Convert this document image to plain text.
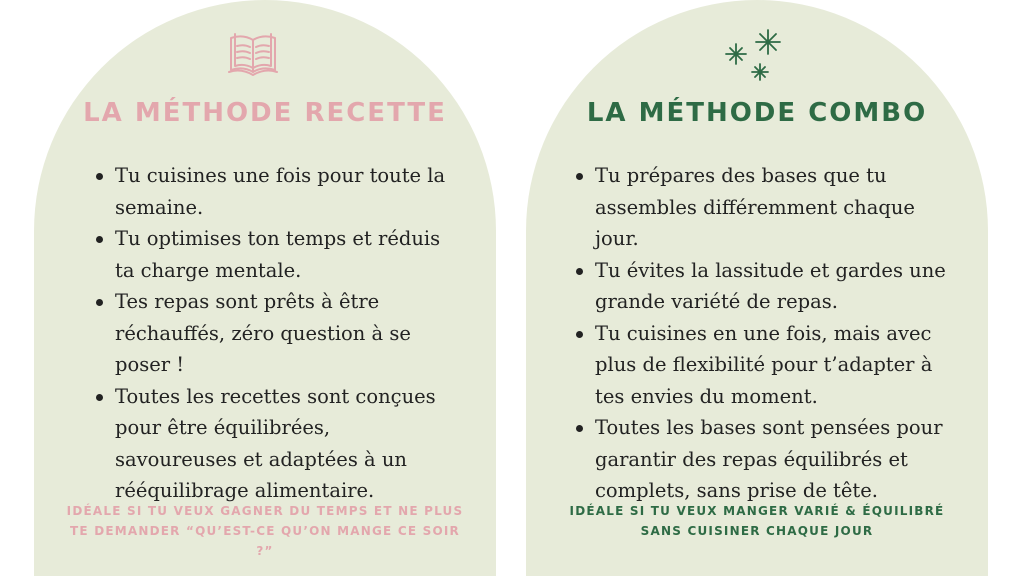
LA MÉTHODE RECETTE
Tu cuisines une fois pour toute la semaine.
Tu optimises ton temps et réduis ta charge mentale.
Tes repas sont prêts à être réchauffés, zéro question à se poser !
Toutes les recettes sont conçues pour être équilibrées, savoureuses et adaptées à un rééquilibrage alimentaire.

IDÉALE SI TU VEUX GAGNER DU TEMPS ET NE PLUS TE DEMANDER “QU’EST-CE QU’ON MANGE CE SOIR ?”

LA MÉTHODE COMBO
Tu prépares des bases que tu assembles différemment chaque jour.
Tu évites la lassitude et gardes une grande variété de repas.
Tu cuisines en une fois, mais avec plus de flexibilité pour t’adapter à tes envies du moment.
Toutes les bases sont pensées pour garantir des repas équilibrés et complets, sans prise de tête.

IDÉALE SI TU VEUX MANGER VARIÉ & ÉQUILIBRÉ SANS CUISINER CHAQUE JOUR
